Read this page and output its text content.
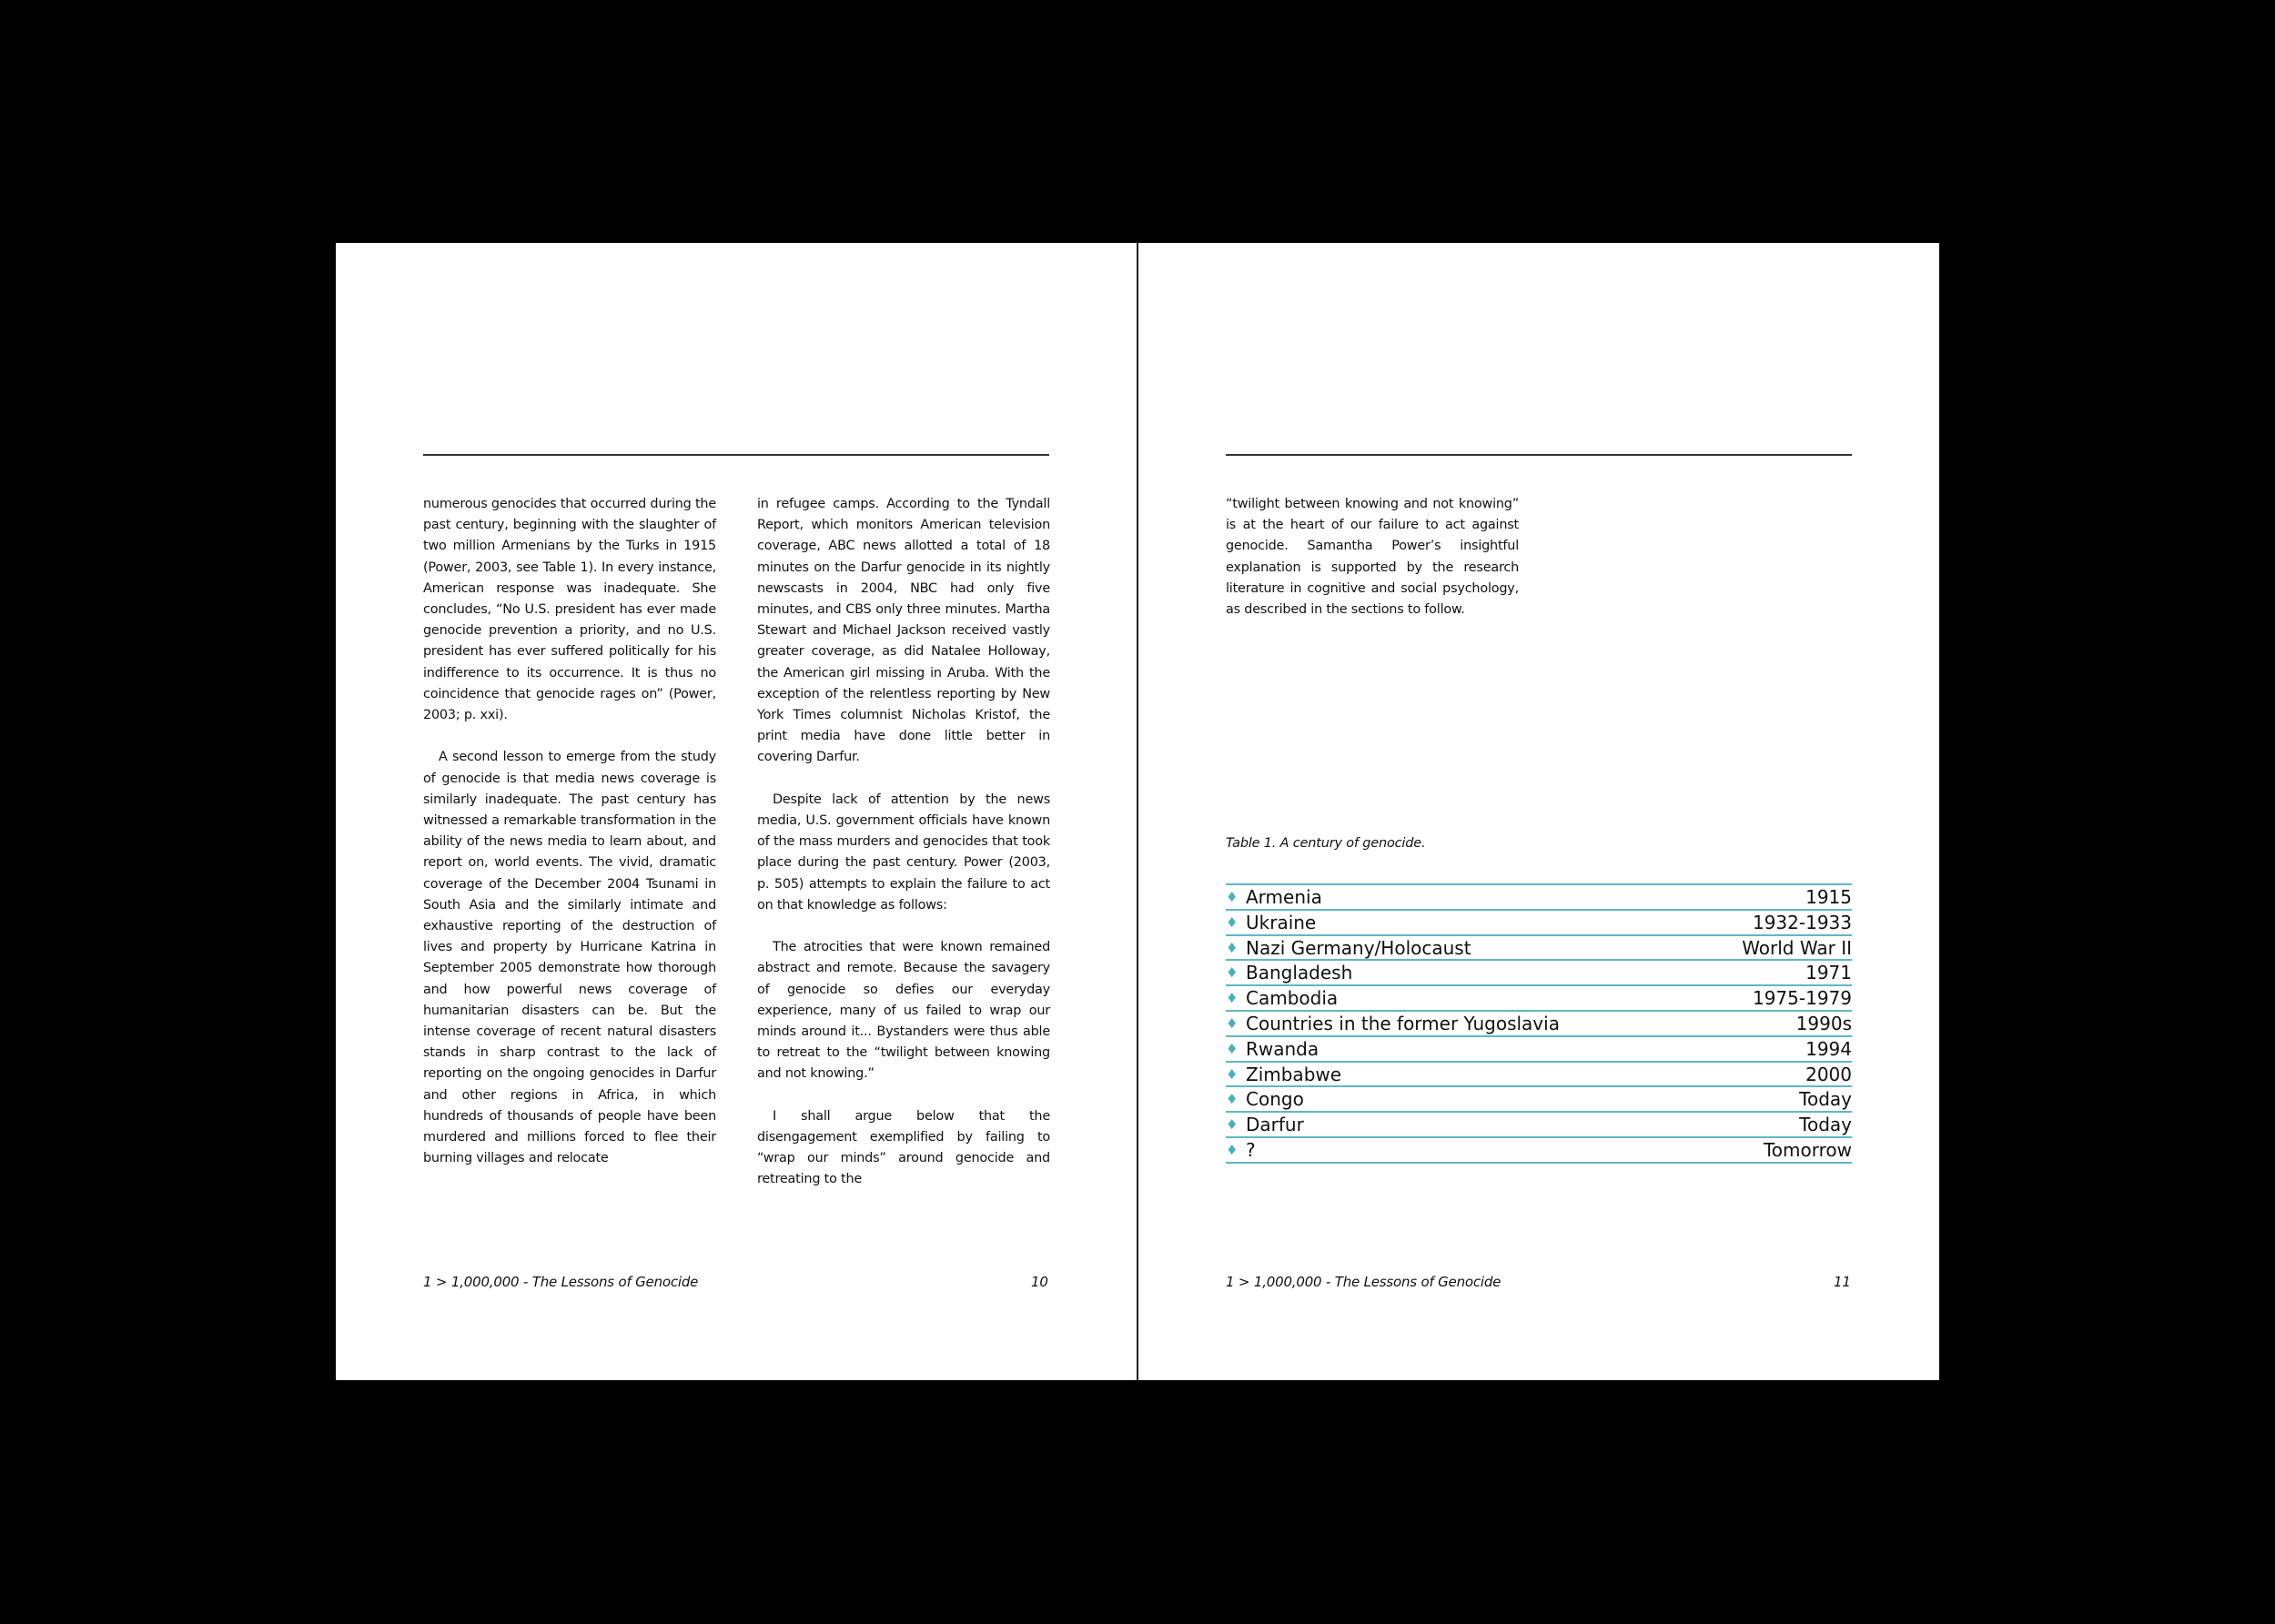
numerous genocides that occurred during the past century, beginning with the slaughter of two million Armenians by the Turks in 1915 (Power, 2003, see Table 1). In every instance, American response was inadequate. She concludes, “No U.S. president has ever made genocide prevention a priority, and no U.S. president has ever suffered politically for his indifference to its occurrence. It is thus no coincidence that genocide rages on” (Power, 2003; p. xxi).

A second lesson to emerge from the study of genocide is that media news coverage is similarly inadequate. The past century has witnessed a remarkable transformation in the ability of the news media to learn about, and report on, world events. The vivid, dramatic coverage of the December 2004 Tsunami in South Asia and the similarly intimate and exhaustive reporting of the destruction of lives and property by Hurricane Katrina in September 2005 demonstrate how thorough and how powerful news coverage of humanitarian disasters can be. But the intense coverage of recent natural disasters stands in sharp contrast to the lack of reporting on the ongoing genocides in Darfur and other regions in Africa, in which hundreds of thousands of people have been murdered and millions forced to flee their burning villages and relocate

in refugee camps. According to the Tyndall Report, which monitors American television coverage, ABC news allotted a total of 18 minutes on the Darfur genocide in its nightly newscasts in 2004, NBC had only five minutes, and CBS only three minutes. Martha Stewart and Michael Jackson received vastly greater coverage, as did Natalee Holloway, the American girl missing in Aruba. With the exception of the relentless reporting by New York Times columnist Nicholas Kristof, the print media have done little better in covering Darfur.

Despite lack of attention by the news media, U.S. government officials have known of the mass murders and genocides that took place during the past century. Power (2003, p. 505) attempts to explain the failure to act on that knowledge as follows:

The atrocities that were known remained abstract and remote. Because the savagery of genocide so defies our everyday experience, many of us failed to wrap our minds around it... Bystanders were thus able to retreat to the “twilight between knowing and not knowing.”

I shall argue below that the disengagement exemplified by failing to “wrap our minds” around genocide and retreating to the

1 > 1,000,000 - The Lessons of Genocide	10

“twilight between knowing and not knowing” is at the heart of our failure to act against genocide. Samantha Power’s insightful explanation is supported by the research literature in cognitive and social psychology, as described in the sections to follow.

Table 1. A century of genocide.
♦ Armenia	1915
♦ Ukraine	1932-1933
♦ Nazi Germany/Holocaust	World War II
♦ Bangladesh	1971
♦ Cambodia	1975-1979
♦ Countries in the former Yugoslavia	1990s
♦ Rwanda	1994
♦ Zimbabwe	2000
♦ Congo	Today
♦ Darfur	Today
♦ ?	Tomorrow
1 > 1,000,000 - The Lessons of Genocide	11
